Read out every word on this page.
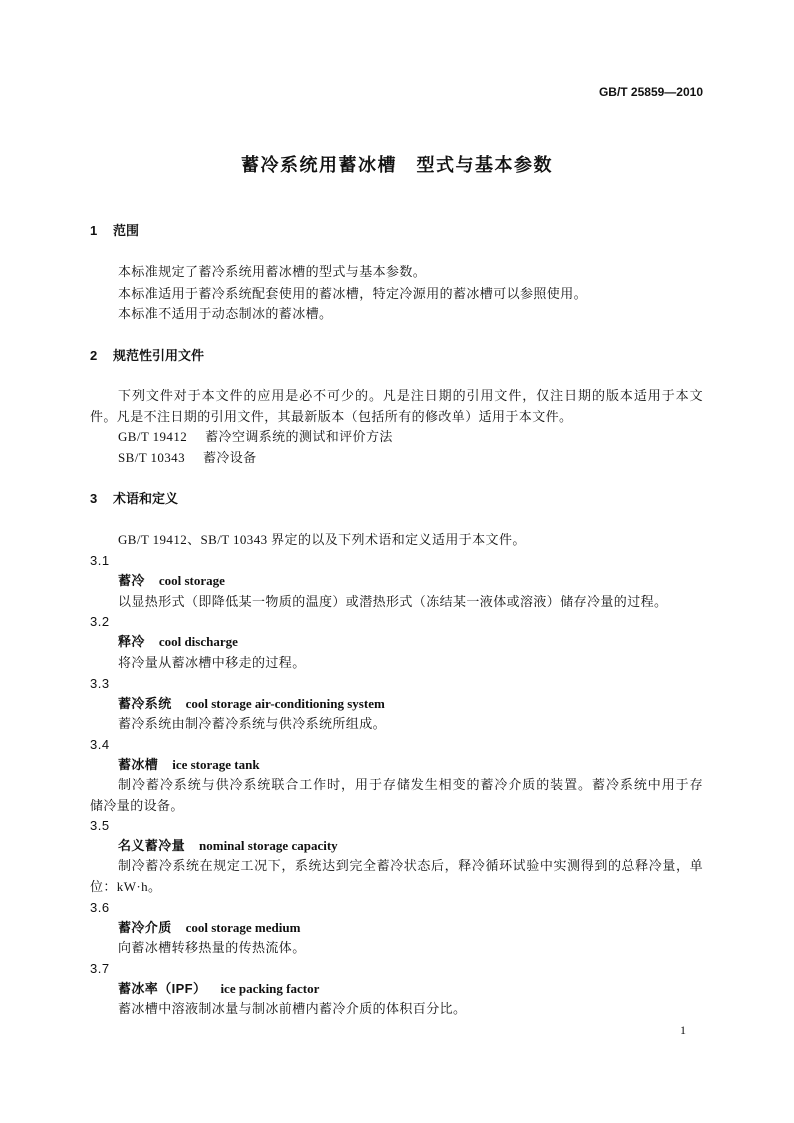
GB/T 25859—2010
蓄冷系统用蓄冰槽　型式与基本参数
1 范围
本标准规定了蓄冷系统用蓄冰槽的型式与基本参数。
本标准适用于蓄冷系统配套使用的蓄冰槽，特定冷源用的蓄冰槽可以参照使用。
本标准不适用于动态制冰的蓄冰槽。
2 规范性引用文件
下列文件对于本文件的应用是必不可少的。凡是注日期的引用文件，仅注日期的版本适用于本文
件。凡是不注日期的引用文件，其最新版本（包括所有的修改单）适用于本文件。
GB/T 19412 蓄冷空调系统的测试和评价方法
SB/T 10343 蓄冷设备
3 术语和定义
GB/T 19412、SB/T 10343 界定的以及下列术语和定义适用于本文件。
3.1
蓄冷 cool storage
以显热形式（即降低某一物质的温度）或潜热形式（冻结某一液体或溶液）储存冷量的过程。
3.2
释冷 cool discharge
将冷量从蓄冰槽中移走的过程。
3.3
蓄冷系统 cool storage air-conditioning system
蓄冷系统由制冷蓄冷系统与供冷系统所组成。
3.4
蓄冰槽 ice storage tank
制冷蓄冷系统与供冷系统联合工作时，用于存储发生相变的蓄冷介质的装置。蓄冷系统中用于存
储冷量的设备。
3.5
名义蓄冷量 nominal storage capacity
制冷蓄冷系统在规定工况下，系统达到完全蓄冷状态后，释冷循环试验中实测得到的总释冷量，单
位：kW·h。
3.6
蓄冷介质 cool storage medium
向蓄冰槽转移热量的传热流体。
3.7
蓄冰率（IPF） ice packing factor
蓄冰槽中溶液制冰量与制冰前槽内蓄冷介质的体积百分比。
1
